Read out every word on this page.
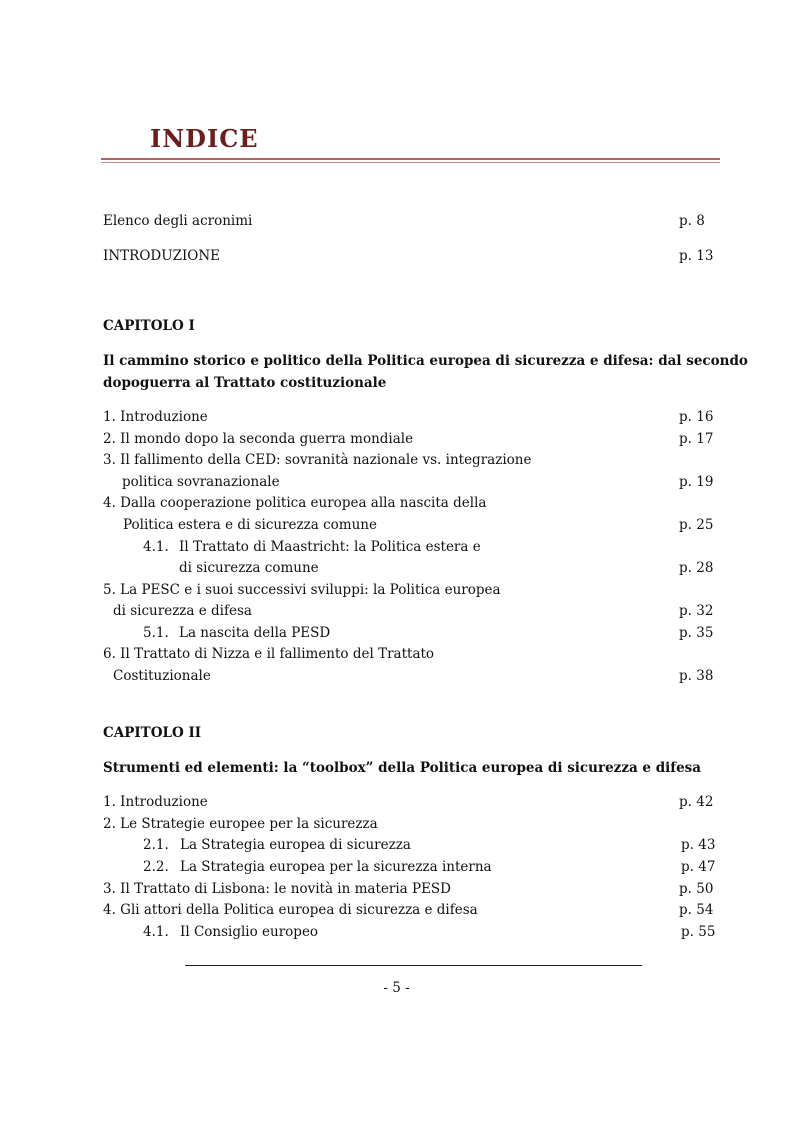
INDICE
Elenco degli acronimi	p. 8
INTRODUZIONE	p. 13
CAPITOLO I
Il cammino storico e politico della Politica europea di sicurezza e difesa: dal secondo
dopoguerra al Trattato costituzionale
1. Introduzione	p. 16
2. Il mondo dopo la seconda guerra mondiale	p. 17
3. Il fallimento della CED: sovranità nazionale vs. integrazione
politica sovranazionale	p. 19
4. Dalla cooperazione politica europea alla nascita della
Politica estera e di sicurezza comune	p. 25
4.1. Il Trattato di Maastricht: la Politica estera e
di sicurezza comune	p. 28
5. La PESC e i suoi successivi sviluppi: la Politica europea
di sicurezza e difesa	p. 32
5.1. La nascita della PESD	p. 35
6. Il Trattato di Nizza e il fallimento del Trattato
Costituzionale	p. 38
CAPITOLO II
Strumenti ed elementi: la “toolbox” della Politica europea di sicurezza e difesa
1. Introduzione	p. 42
2. Le Strategie europee per la sicurezza
2.1. La Strategia europea di sicurezza	p. 43
2.2. La Strategia europea per la sicurezza interna	p. 47
3. Il Trattato di Lisbona: le novità in materia PESD	p. 50
4. Gli attori della Politica europea di sicurezza e difesa	p. 54
4.1. Il Consiglio europeo	p. 55
- 5 -
